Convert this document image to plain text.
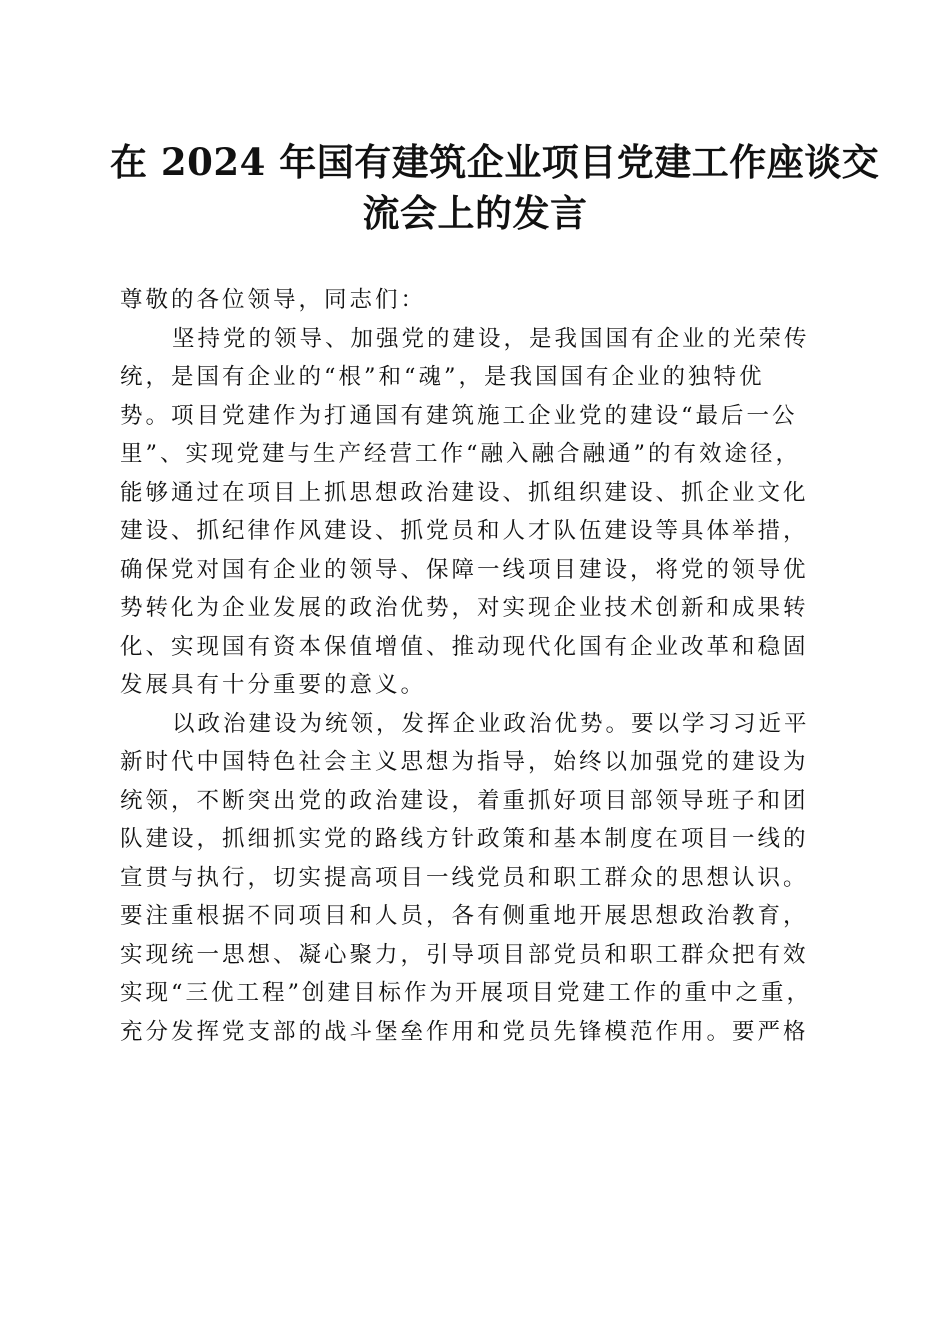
在 2024 年国有建筑企业项目党建工作座谈交
流会上的发言
尊敬的各位领导，同志们：
坚持党的领导、加强党的建设，是我国国有企业的光荣传
统，是国有企业的“根”和“魂”，是我国国有企业的独特优
势。项目党建作为打通国有建筑施工企业党的建设“最后一公
里”、实现党建与生产经营工作“融入融合融通”的有效途径，
能够通过在项目上抓思想政治建设、抓组织建设、抓企业文化
建设、抓纪律作风建设、抓党员和人才队伍建设等具体举措，
确保党对国有企业的领导、保障一线项目建设，将党的领导优
势转化为企业发展的政治优势，对实现企业技术创新和成果转
化、实现国有资本保值增值、推动现代化国有企业改革和稳固
发展具有十分重要的意义。
以政治建设为统领，发挥企业政治优势。要以学习习近平
新时代中国特色社会主义思想为指导，始终以加强党的建设为
统领，不断突出党的政治建设，着重抓好项目部领导班子和团
队建设，抓细抓实党的路线方针政策和基本制度在项目一线的
宣贯与执行，切实提高项目一线党员和职工群众的思想认识。
要注重根据不同项目和人员，各有侧重地开展思想政治教育，
实现统一思想、凝心聚力，引导项目部党员和职工群众把有效
实现“三优工程”创建目标作为开展项目党建工作的重中之重，
充分发挥党支部的战斗堡垒作用和党员先锋模范作用。要严格
